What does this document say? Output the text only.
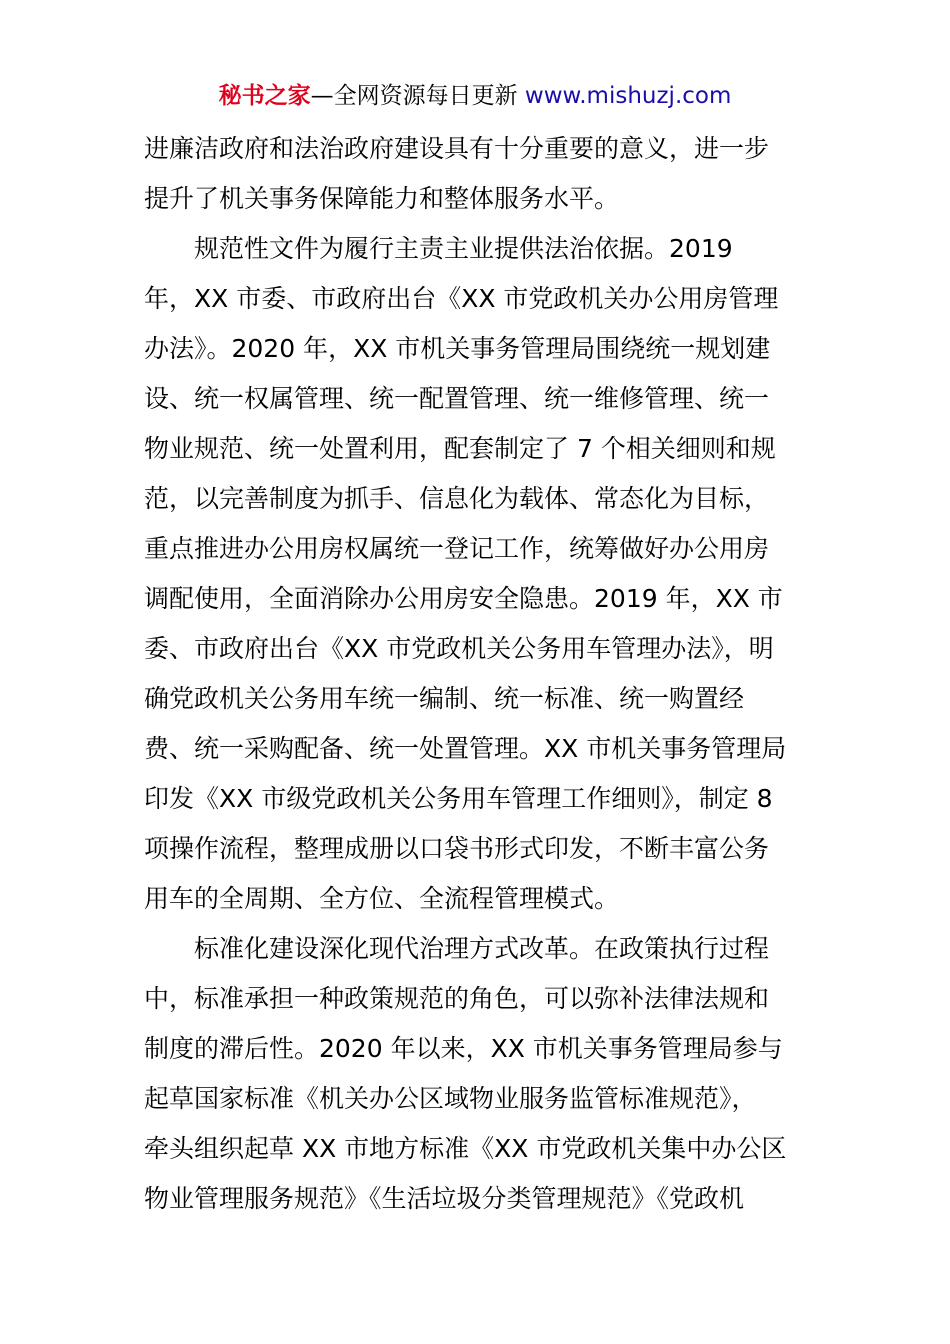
秘书之家—全网资源每日更新 www.mishuzj.com
进廉洁政府和法治政府建设具有十分重要的意义，进一步
提升了机关事务保障能力和整体服务水平。
规范性文件为履行主责主业提供法治依据。2019
年，XX 市委、市政府出台《XX 市党政机关办公用房管理
办法》。2020 年，XX 市机关事务管理局围绕统一规划建
设、统一权属管理、统一配置管理、统一维修管理、统一
物业规范、统一处置利用，配套制定了 7 个相关细则和规
范，以完善制度为抓手、信息化为载体、常态化为目标，
重点推进办公用房权属统一登记工作，统筹做好办公用房
调配使用，全面消除办公用房安全隐患。2019 年，XX 市
委、市政府出台《XX 市党政机关公务用车管理办法》，明
确党政机关公务用车统一编制、统一标准、统一购置经
费、统一采购配备、统一处置管理。XX 市机关事务管理局
印发《XX 市级党政机关公务用车管理工作细则》，制定 8
项操作流程，整理成册以口袋书形式印发，不断丰富公务
用车的全周期、全方位、全流程管理模式。
标准化建设深化现代治理方式改革。在政策执行过程
中，标准承担一种政策规范的角色，可以弥补法律法规和
制度的滞后性。2020 年以来，XX 市机关事务管理局参与
起草国家标准《机关办公区域物业服务监管标准规范》，
牵头组织起草 XX 市地方标准《XX 市党政机关集中办公区
物业管理服务规范》《生活垃圾分类管理规范》《党政机
